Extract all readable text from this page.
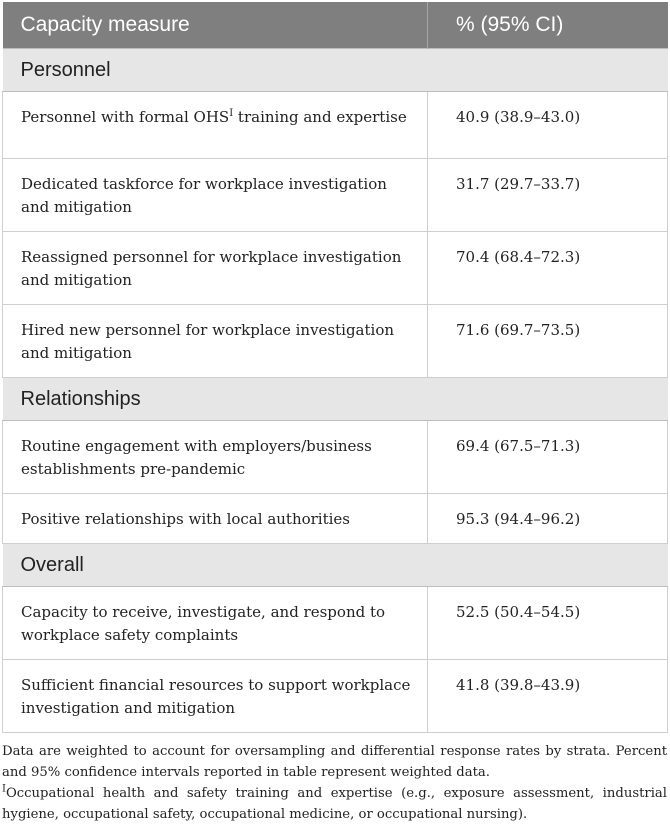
Capacity measure	% (95% CI)
Personnel	
Personnel with formal $OHS^I$ training and expertise	40.9 (38.9–43.0)
Dedicated taskforce for workplace investigation and mitigation	31.7 (29.7–33.7)
Reassigned personnel for workplace investigation and mitigation	70.4 (68.4–72.3)
Hired new personnel for workplace investigation and mitigation	71.6 (69.7–73.5)
Relationships	
Routine engagement with employers/business establishments pre-pandemic	69.4 (67.5–71.3)
Positive relationships with local authorities	95.3 (94.4–96.2)
Overall	
Capacity to receive, investigate, and respond to workplace safety complaints	52.5 (50.4–54.5)
Sufficient financial resources to support workplace investigation and mitigation	41.8 (39.8–43.9)

Data are weighted to account for oversampling and differential response rates by strata. Percent and 95% confidence intervals reported in table represent weighted data.

$^I$Occupational health and safety training and expertise (e.g., exposure assessment, industrial hygiene, occupational safety, occupational medicine, or occupational nursing).
